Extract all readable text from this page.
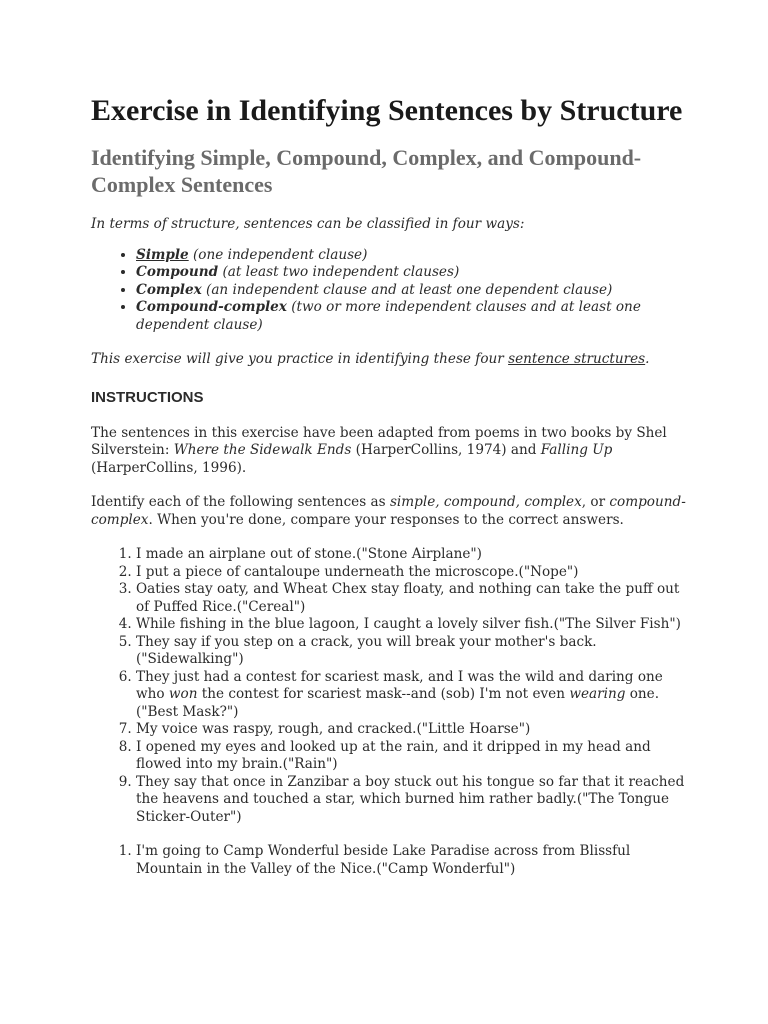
Exercise in Identifying Sentences by Structure
Identifying Simple, Compound, Complex, and Compound-Complex Sentences
In terms of structure, sentences can be classified in four ways:
• Simple (one independent clause)
• Compound (at least two independent clauses)
• Complex (an independent clause and at least one dependent clause)
• Compound-complex (two or more independent clauses and at least one dependent clause)
This exercise will give you practice in identifying these four sentence structures.
INSTRUCTIONS
The sentences in this exercise have been adapted from poems in two books by Shel Silverstein: Where the Sidewalk Ends (HarperCollins, 1974) and Falling Up (HarperCollins, 1996).
Identify each of the following sentences as simple, compound, complex, or compound-complex. When you're done, compare your responses to the correct answers.
1. I made an airplane out of stone.("Stone Airplane")
2. I put a piece of cantaloupe underneath the microscope.("Nope")
3. Oaties stay oaty, and Wheat Chex stay floaty, and nothing can take the puff out of Puffed Rice.("Cereal")
4. While fishing in the blue lagoon, I caught a lovely silver fish.("The Silver Fish")
5. They say if you step on a crack, you will break your mother's back.("Sidewalking")
6. They just had a contest for scariest mask, and I was the wild and daring one who won the contest for scariest mask--and (sob) I'm not even wearing one.("Best Mask?")
7. My voice was raspy, rough, and cracked.("Little Hoarse")
8. I opened my eyes and looked up at the rain, and it dripped in my head and flowed into my brain.("Rain")
9. They say that once in Zanzibar a boy stuck out his tongue so far that it reached the heavens and touched a star, which burned him rather badly.("The Tongue Sticker-Outer")
1. I'm going to Camp Wonderful beside Lake Paradise across from Blissful Mountain in the Valley of the Nice.("Camp Wonderful")
